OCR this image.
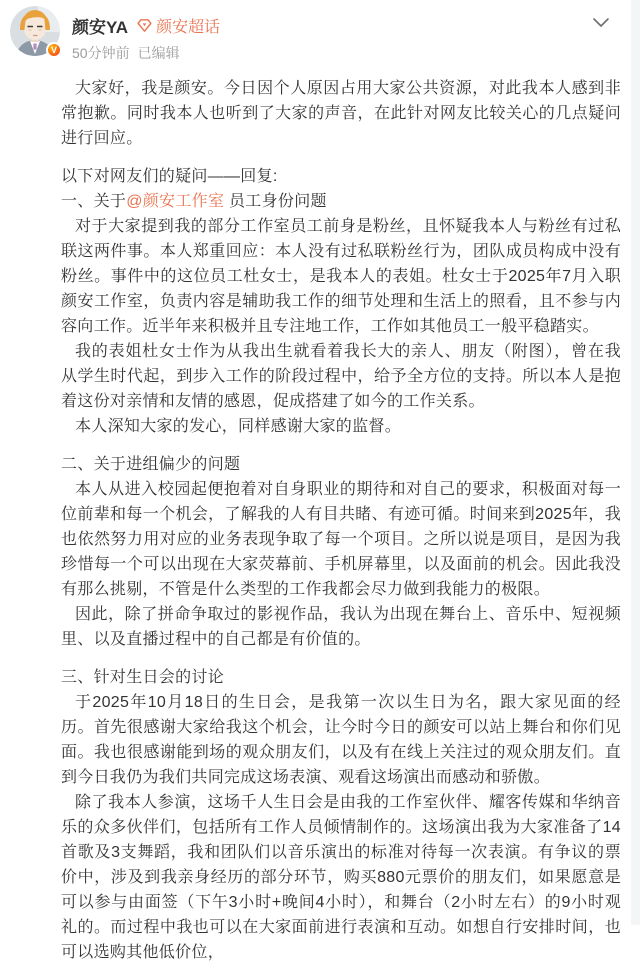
V
颜安YA 颜安超话
50分钟前 已编辑

大家好，我是颜安。今日因个人原因占用大家公共资源，对此我本人感到非常抱歉。同时我本人也听到了大家的声音，在此针对网友比较关心的几点疑问进行回应。

以下对网友们的疑问——回复:

一、关于@颜安工作室 员工身份问题

对于大家提到我的部分工作室员工前身是粉丝，且怀疑我本人与粉丝有过私联这两件事。本人郑重回应：本人没有过私联粉丝行为，团队成员构成中没有粉丝。事件中的这位员工杜女士，是我本人的表姐。杜女士于2025年7月入职颜安工作室，负责内容是辅助我工作的细节处理和生活上的照看，且不参与内容向工作。近半年来积极并且专注地工作，工作如其他员工一般平稳踏实。

我的表姐杜女士作为从我出生就看着我长大的亲人、朋友（附图），曾在我从学生时代起，到步入工作的阶段过程中，给予全方位的支持。所以本人是抱着这份对亲情和友情的感恩，促成搭建了如今的工作关系。

本人深知大家的发心，同样感谢大家的监督。

二、关于进组偏少的问题

本人从进入校园起便抱着对自身职业的期待和对自己的要求，积极面对每一位前辈和每一个机会，了解我的人有目共睹、有迹可循。时间来到2025年，我也依然努力用对应的业务表现争取了每一个项目。之所以说是项目，是因为我珍惜每一个可以出现在大家荧幕前、手机屏幕里，以及面前的机会。因此我没有那么挑剔，不管是什么类型的工作我都会尽力做到我能力的极限。

因此，除了拼命争取过的影视作品，我认为出现在舞台上、音乐中、短视频里、以及直播过程中的自己都是有价值的。

三、针对生日会的讨论

于2025年10月18日的生日会，是我第一次以生日为名，跟大家见面的经历。首先很感谢大家给我这个机会，让今时今日的颜安可以站上舞台和你们见面。我也很感谢能到场的观众朋友们，以及有在线上关注过的观众朋友们。直到今日我仍为我们共同完成这场表演、观看这场演出而感动和骄傲。

除了我本人参演，这场千人生日会是由我的工作室伙伴、耀客传媒和华纳音乐的众多伙伴们，包括所有工作人员倾情制作的。这场演出我为大家准备了14首歌及3支舞蹈，我和团队们以音乐演出的标准对待每一次表演。有争议的票价中，涉及到我亲身经历的部分环节，购买880元票价的朋友们，如果愿意是可以参与由面签（下午3小时+晚间4小时），和舞台（2小时左右）的9小时观礼的。而过程中我也可以在大家面前进行表演和互动。如想自行安排时间，也可以选购其他低价位，
